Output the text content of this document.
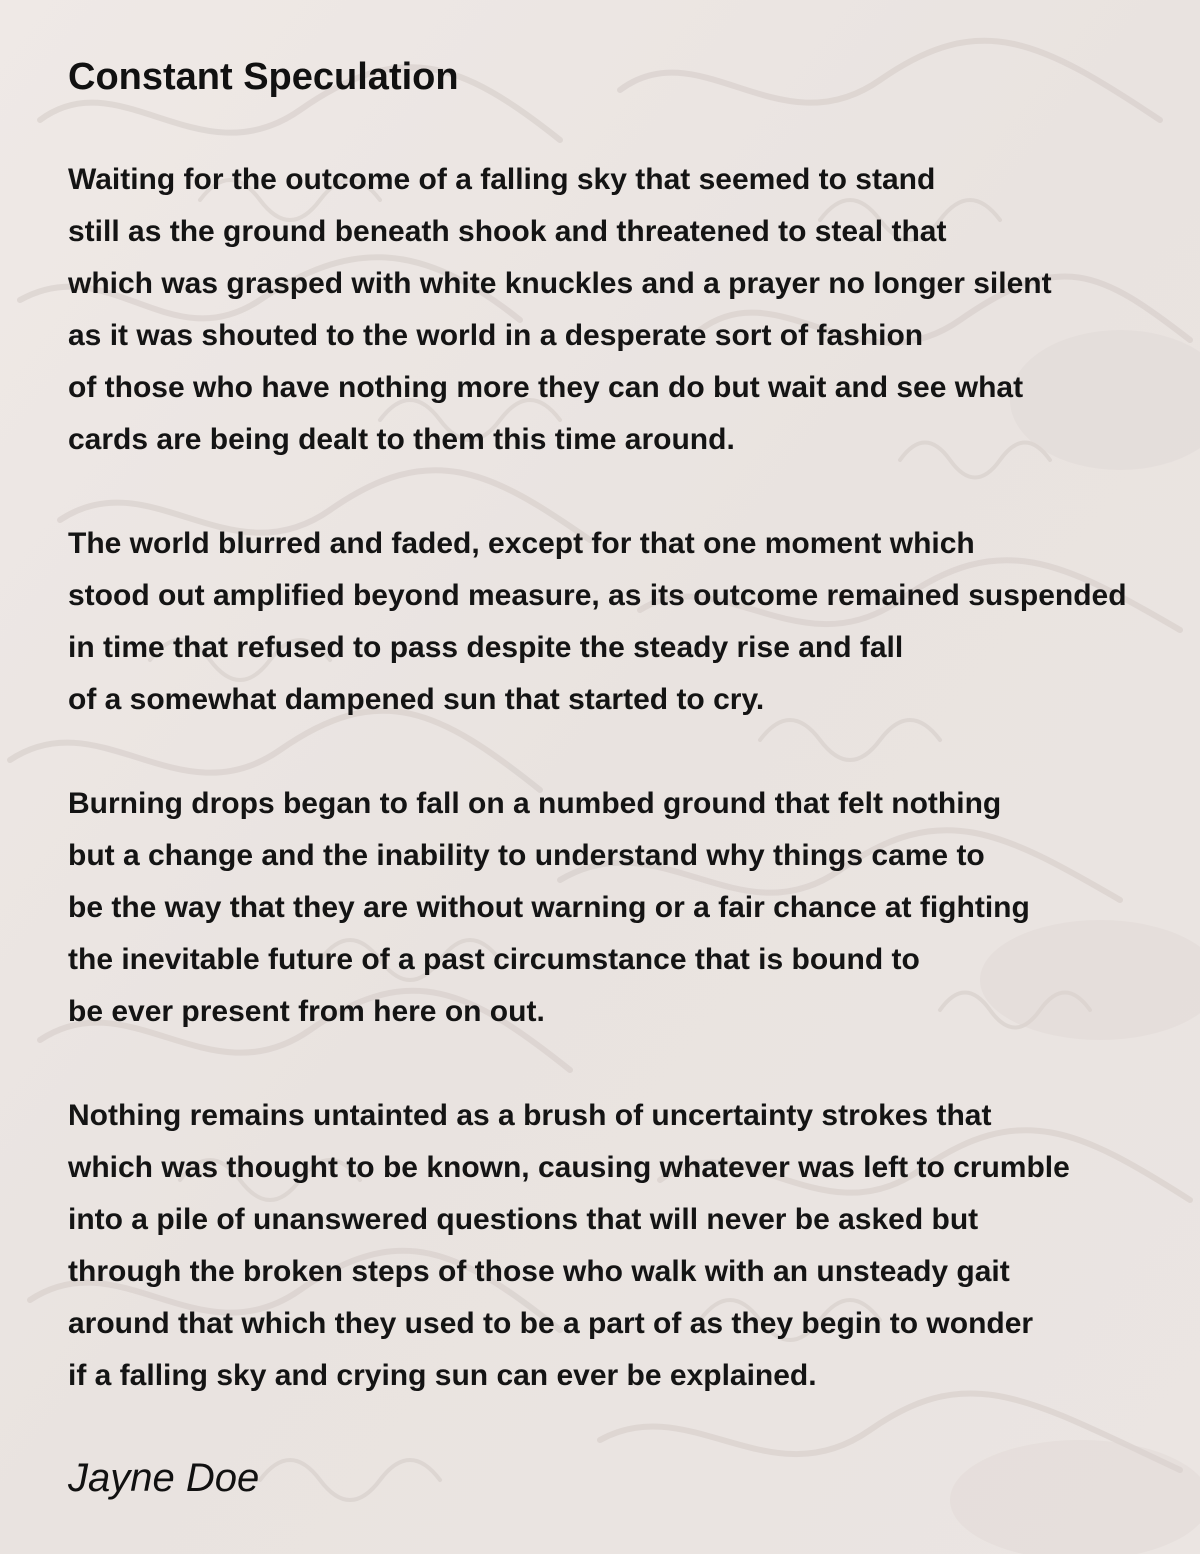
Constant Speculation
Waiting for the outcome of a falling sky that seemed to stand
still as the ground beneath shook and threatened to steal that
which was grasped with white knuckles and a prayer no longer silent
as it was shouted to the world in a desperate sort of fashion
of those who have nothing more they can do but wait and see what
cards are being dealt to them this time around.
The world blurred and faded, except for that one moment which
stood out amplified beyond measure, as its outcome remained suspended
in time that refused to pass despite the steady rise and fall
of a somewhat dampened sun that started to cry.
Burning drops began to fall on a numbed ground that felt nothing
but a change and the inability to understand why things came to
be the way that they are without warning or a fair chance at fighting
the inevitable future of a past circumstance that is bound to
be ever present from here on out.
Nothing remains untainted as a brush of uncertainty strokes that
which was thought to be known, causing whatever was left to crumble
into a pile of unanswered questions that will never be asked but
through the broken steps of those who walk with an unsteady gait
around that which they used to be a part of as they begin to wonder
if a falling sky and crying sun can ever be explained.
Jayne Doe
